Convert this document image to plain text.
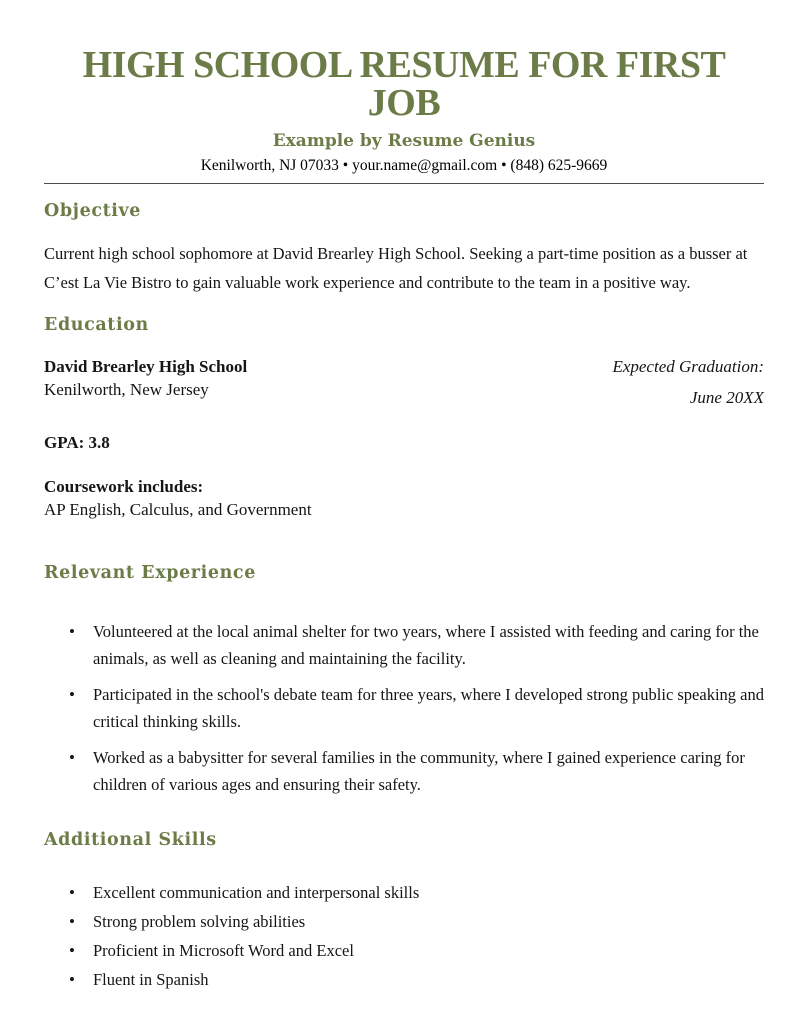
HIGH SCHOOL RESUME FOR FIRST JOB
Example by Resume Genius
Kenilworth, NJ 07033 • your.name@gmail.com • (848) 625-9669
Objective

Current high school sophomore at David Brearley High School. Seeking a part-time position as a busser at C’est La Vie Bistro to gain valuable work experience and contribute to the team in a positive way.

Education
David Brearley High School
Kenilworth, New Jersey
Expected Graduation:
June 20XX
GPA: 3.8
Coursework includes:
AP English, Calculus, and Government
Relevant Experience
•
Volunteered at the local animal shelter for two years, where I assisted with feeding and caring for the animals, as well as cleaning and maintaining the facility.
•
Participated in the school's debate team for three years, where I developed strong public speaking and critical thinking skills.
•
Worked as a babysitter for several families in the community, where I gained experience caring for children of various ages and ensuring their safety.
Additional Skills
•
Excellent communication and interpersonal skills
•
Strong problem solving abilities
•
Proficient in Microsoft Word and Excel
•
Fluent in Spanish
